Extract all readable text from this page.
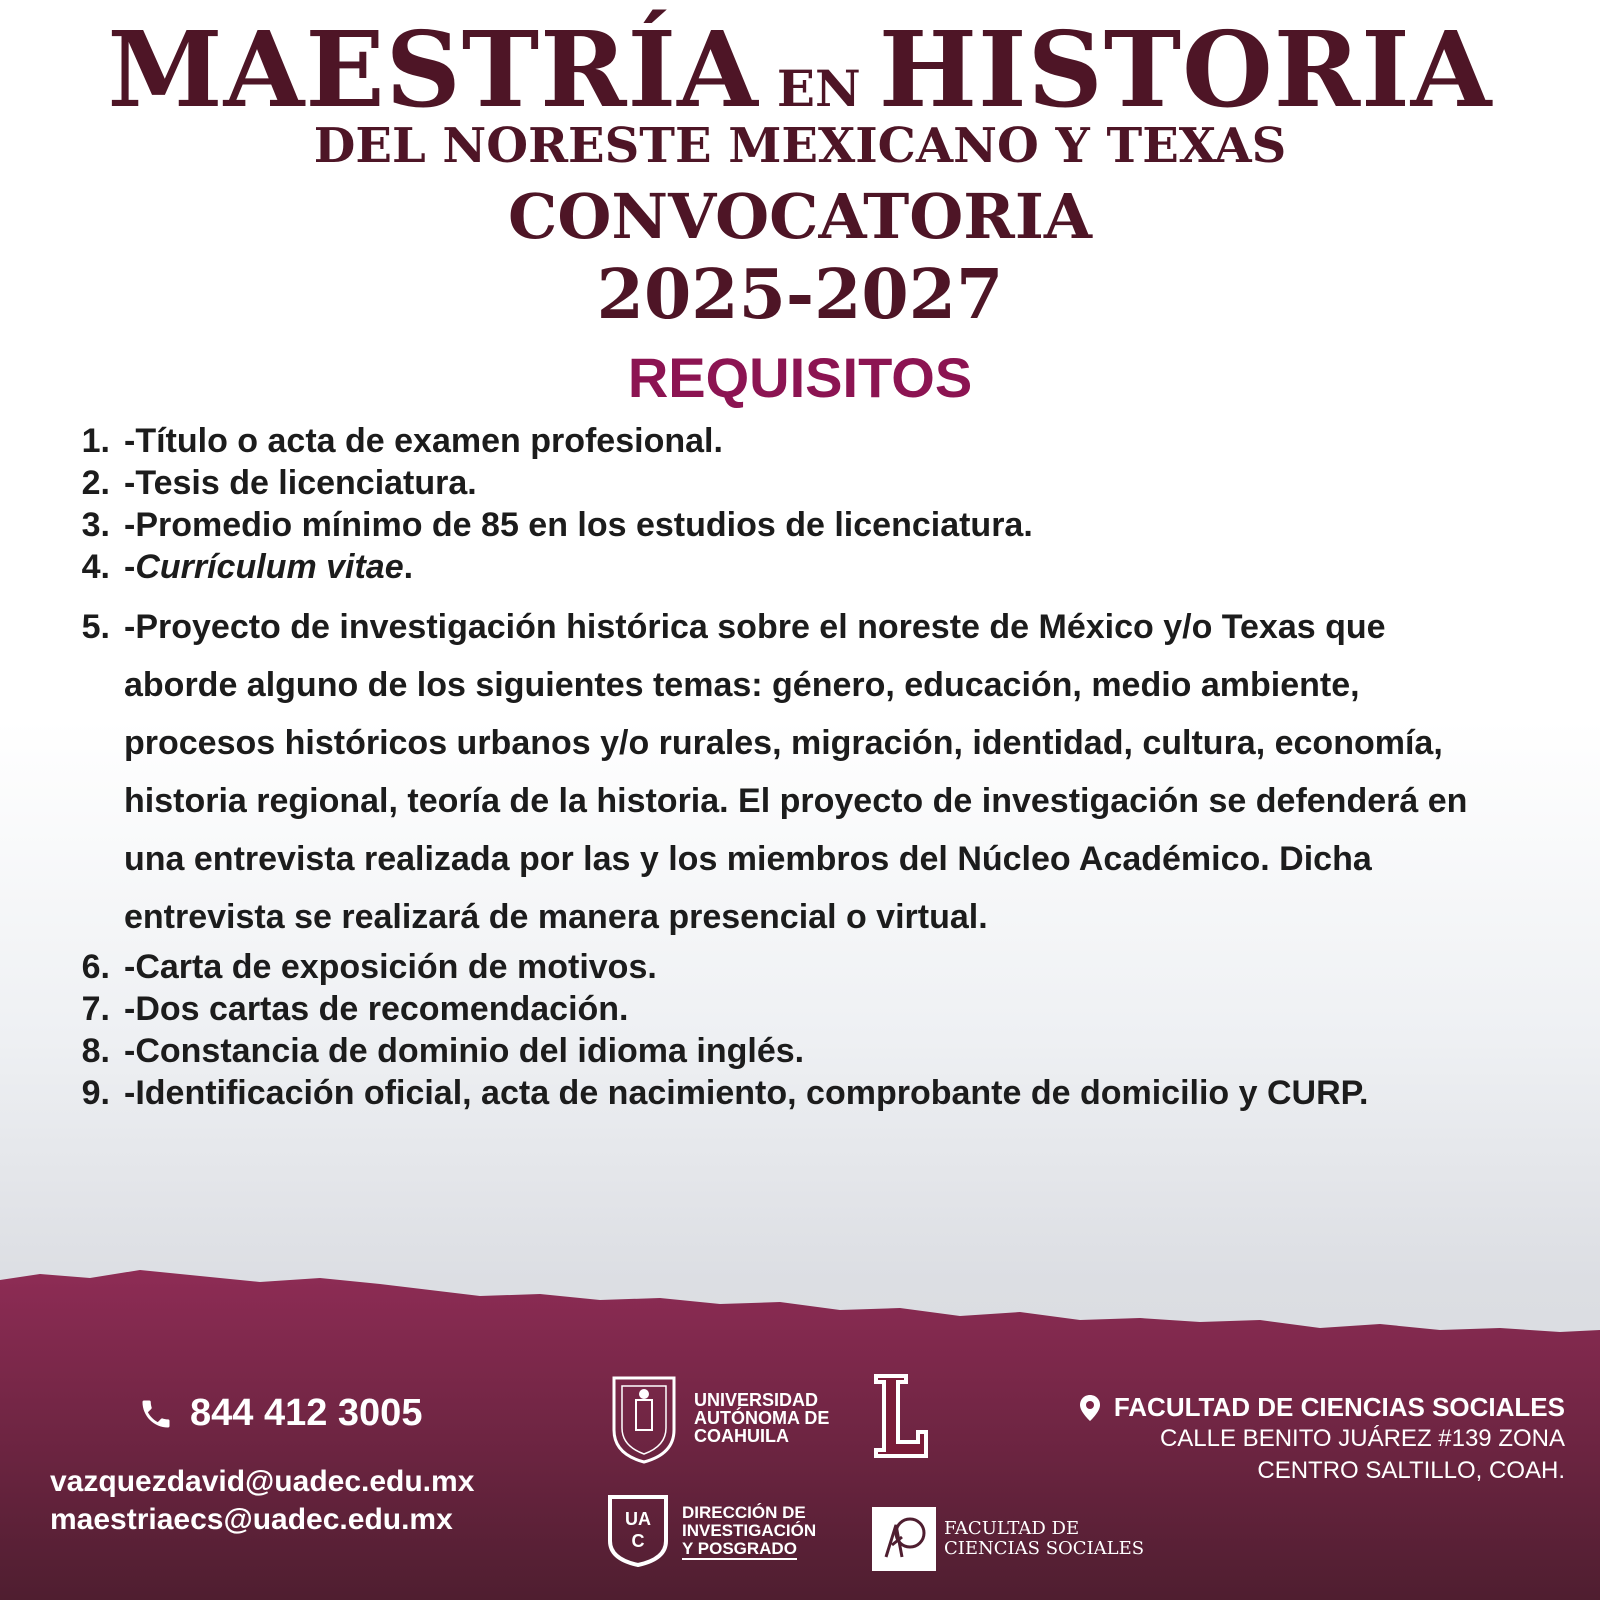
MAESTRÍA EN HISTORIA
DEL NORESTE MEXICANO Y TEXAS
CONVOCATORIA
2025-2027
REQUISITOS
1. -Título o acta de examen profesional.
2. -Tesis de licenciatura.
3. -Promedio mínimo de 85 en los estudios de licenciatura.
4. -Currículum vitae.
5. -Proyecto de investigación histórica sobre el noreste de México y/o Texas que aborde alguno de los siguientes temas: género, educación, medio ambiente, procesos históricos urbanos y/o rurales, migración, identidad, cultura, economía, historia regional, teoría de la historia. El proyecto de investigación se defenderá en una entrevista realizada por las y los miembros del Núcleo Académico. Dicha entrevista se realizará de manera presencial o virtual.
6. -Carta de exposición de motivos.
7. -Dos cartas de recomendación.
8. -Constancia de dominio del idioma inglés.
9. -Identificación oficial, acta de nacimiento, comprobante de domicilio y CURP.
844 412 3005
vazquezdavid@uadec.edu.mx
maestriaecs@uadec.edu.mx
UNIVERSIDAD
AUTÓNOMA DE
COAHUILA
UA
C
DIRECCIÓN DE
INVESTIGACIÓN
Y POSGRADO
FACULTAD DE
CIENCIAS SOCIALES
FACULTAD DE CIENCIAS SOCIALES
CALLE BENITO JUÁREZ #139 ZONA
CENTRO SALTILLO, COAH.
